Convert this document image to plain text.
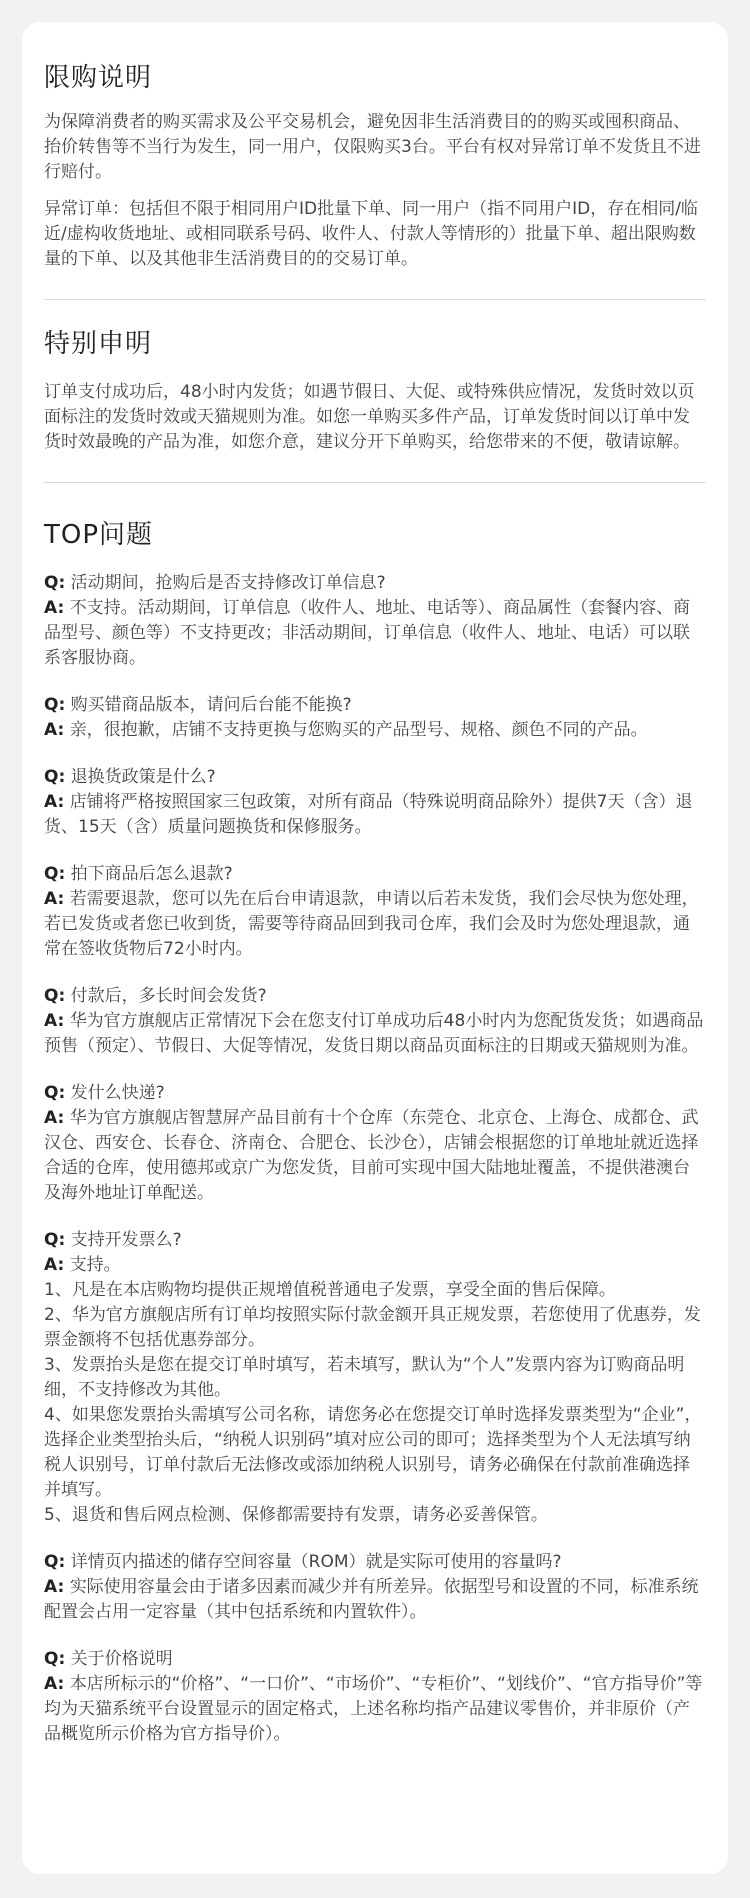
限购说明

为保障消费者的购买需求及公平交易机会，避免因非生活消费目的的购买或囤积商品、抬价转售等不当行为发生，同一用户，仅限购买3台。平台有权对异常订单不发货且不进行赔付。

异常订单：包括但不限于相同用户ID批量下单、同一用户（指不同用户ID，存在相同/临近/虚构收货地址、或相同联系号码、收件人、付款人等情形的）批量下单、超出限购数量的下单、以及其他非生活消费目的的交易订单。

特别申明

订单支付成功后，48小时内发货；如遇节假日、大促、或特殊供应情况，发货时效以页面标注的发货时效或天猫规则为准。如您一单购买多件产品，订单发货时间以订单中发货时效最晚的产品为准，如您介意，建议分开下单购买，给您带来的不便，敬请谅解。

TOP问题

Q: 活动期间，抢购后是否支持修改订单信息?

A: 不支持。活动期间，订单信息（收件人、地址、电话等）、商品属性（套餐内容、商品型号、颜色等）不支持更改；非活动期间，订单信息（收件人、地址、电话）可以联系客服协商。

Q: 购买错商品版本，请问后台能不能换?

A: 亲，很抱歉，店铺不支持更换与您购买的产品型号、规格、颜色不同的产品。

Q: 退换货政策是什么?

A: 店铺将严格按照国家三包政策，对所有商品（特殊说明商品除外）提供7天（含）退货、15天（含）质量问题换货和保修服务。

Q: 拍下商品后怎么退款?

A: 若需要退款，您可以先在后台申请退款，申请以后若未发货，我们会尽快为您处理，若已发货或者您已收到货，需要等待商品回到我司仓库，我们会及时为您处理退款，通常在签收货物后72小时内。

Q: 付款后，多长时间会发货?

A: 华为官方旗舰店正常情况下会在您支付订单成功后48小时内为您配货发货；如遇商品预售（预定）、节假日、大促等情况，发货日期以商品页面标注的日期或天猫规则为准。

Q: 发什么快递?

A: 华为官方旗舰店智慧屏产品目前有十个仓库（东莞仓、北京仓、上海仓、成都仓、武汉仓、西安仓、长春仓、济南仓、合肥仓、长沙仓），店铺会根据您的订单地址就近选择合适的仓库，使用德邦或京广为您发货，目前可实现中国大陆地址覆盖，不提供港澳台及海外地址订单配送。

Q: 支持开发票么?

A: 支持。

1、凡是在本店购物均提供正规增值税普通电子发票，享受全面的售后保障。

2、华为官方旗舰店所有订单均按照实际付款金额开具正规发票，若您使用了优惠券，发票金额将不包括优惠券部分。

3、发票抬头是您在提交订单时填写，若未填写，默认为“个人”发票内容为订购商品明细，不支持修改为其他。

4、如果您发票抬头需填写公司名称，请您务必在您提交订单时选择发票类型为“企业”，选择企业类型抬头后，“纳税人识别码”填对应公司的即可；选择类型为个人无法填写纳税人识别号，订单付款后无法修改或添加纳税人识别号，请务必确保在付款前准确选择并填写。

5、退货和售后网点检测、保修都需要持有发票，请务必妥善保管。

Q: 详情页内描述的储存空间容量（ROM）就是实际可使用的容量吗?

A: 实际使用容量会由于诸多因素而减少并有所差异。依据型号和设置的不同，标准系统配置会占用一定容量（其中包括系统和内置软件）。

Q: 关于价格说明

A: 本店所标示的“价格”、“一口价”、“市场价”、“专柜价”、“划线价”、“官方指导价”等均为天猫系统平台设置显示的固定格式，上述名称均指产品建议零售价，并非原价（产品概览所示价格为官方指导价）。
